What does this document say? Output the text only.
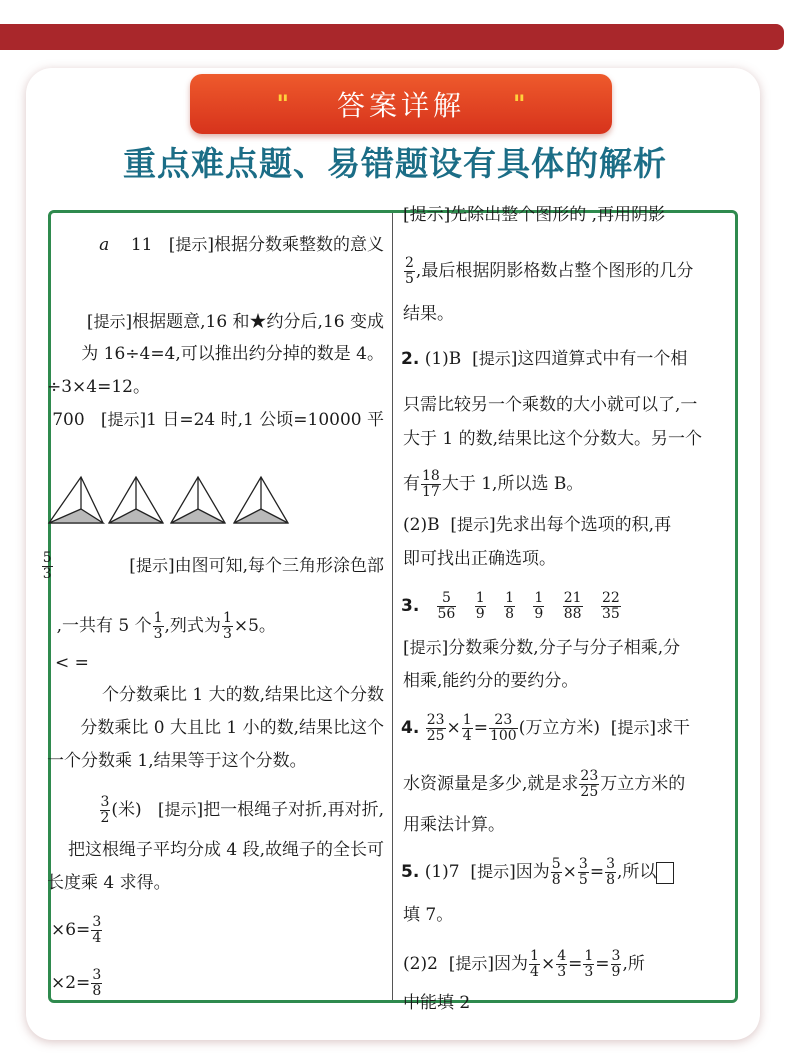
" 答案详解 "
重点难点题、易错题设有具体的解析
a 11   [提示]根据分数乘整数的意义
[提示]根据题意,16 和★约分后,16 变成
为 16÷4=4,可以推出约分掉的数是 4。
÷3×4=12。
700   [提示]1 日=24 时,1 公顷=10000 平
$\frac{5}{3}$ [提示]由图可知,每个三角形涂色部
,一共有 5 个 $\frac{1}{3}$ ,列式为 $\frac{1}{3} \times 5$。
< =
个分数乘比 1 大的数,结果比这个分数
分数乘比 0 大且比 1 小的数,结果比这个
一个分数乘 1,结果等于这个分数。
$\frac{3}{2}$ (米)   [提示]把一根绳子对折,再对折,
把这根绳子平均分成 4 段,故绳子的全长可
长度乘 4 求得。
$\times 6= \frac{3}{4}$
$\times 2= \frac{3}{8}$
[提示]先除出整个图形的 ,再用阴影
$\frac{2}{5}$ ,最后根据阴影格数占整个图形的几分
结果。
2. (1)B  [提示]这四道算式中有一个相
只需比较另一个乘数的大小就可以了,一
大于 1 的数,结果比这个分数大。另一个
有 $\frac{18}{17}$ 大于 1,所以选 B。
(2)B  [提示]先求出每个选项的积,再
即可找出正确选项。
3. $\frac{5}{56}$
$\frac{1}{9}$
$\frac{1}{8}$
$\frac{1}{9}$
$\frac{21}{88}$
$\frac{22}{35}$
[提示]分数乘分数,分子与分子相乘,分
相乘,能约分的要约分。
4. $\frac{23}{25} \times \frac{1}{4} = \frac{23}{100}$ (万立方米)  [提示]求干
水资源量是多少,就是求 $\frac{23}{25}$ 万立方米的
用乘法计算。
5. (1)7  [提示]因为 $\frac{5}{8} \times \frac{3}{5} = \frac{3}{8}$ ,所以
填 7。
(2)2  [提示]因为 $\frac{1}{4} \times \frac{4}{3} = \frac{1}{3} = \frac{3}{9}$ ,所
中能填 2
